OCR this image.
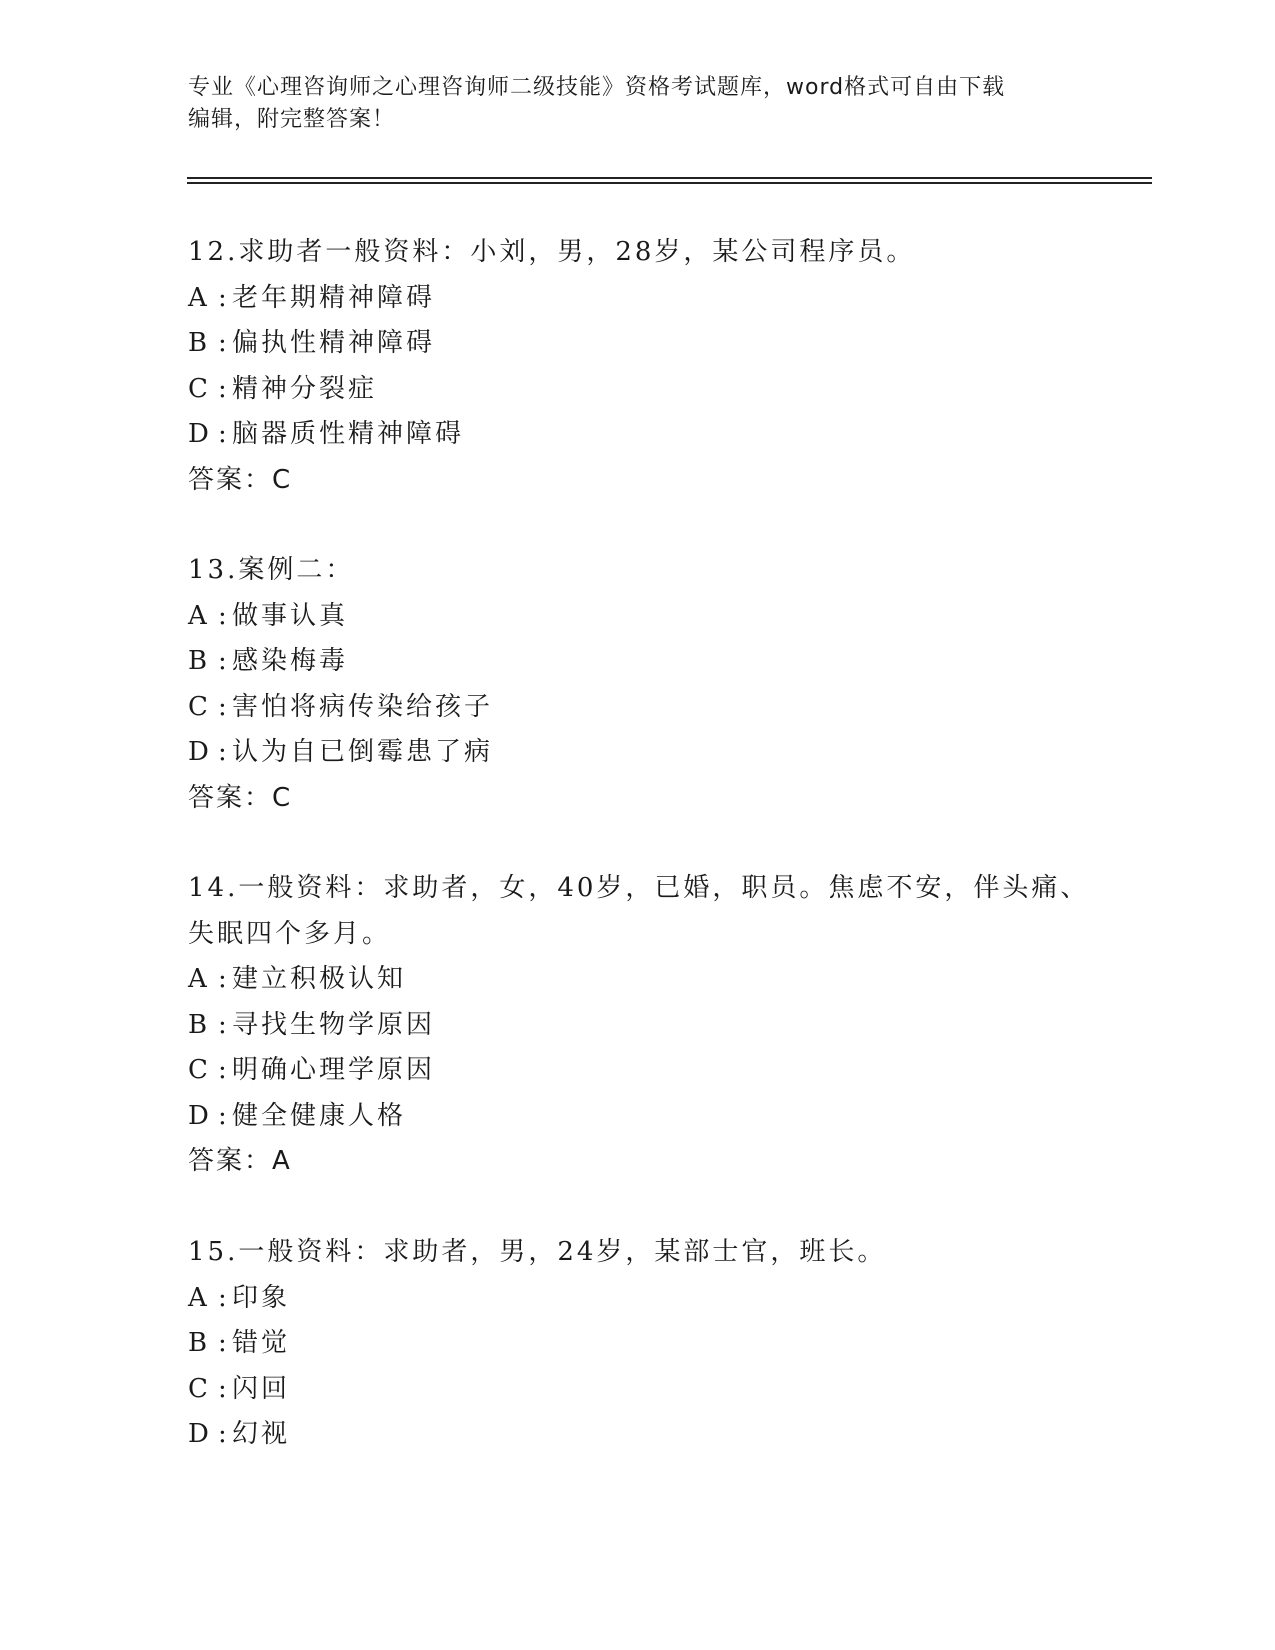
专业《心理咨询师之心理咨询师二级技能》资格考试题库，word格式可自由下载
编辑，附完整答案！
12.求助者一般资料：小刘，男，28岁，某公司程序员。
A :老年期精神障碍
B :偏执性精神障碍
C :精神分裂症
D :脑器质性精神障碍
答案：C
13.案例二：
A :做事认真
B :感染梅毒
C :害怕将病传染给孩子
D :认为自已倒霉患了病
答案：C
14.一般资料：求助者，女，40岁，已婚，职员。焦虑不安，伴头痛、
失眠四个多月。
A :建立积极认知
B :寻找生物学原因
C :明确心理学原因
D :健全健康人格
答案：A
15.一般资料：求助者，男，24岁，某部士官，班长。
A :印象
B :错觉
C :闪回
D :幻视
